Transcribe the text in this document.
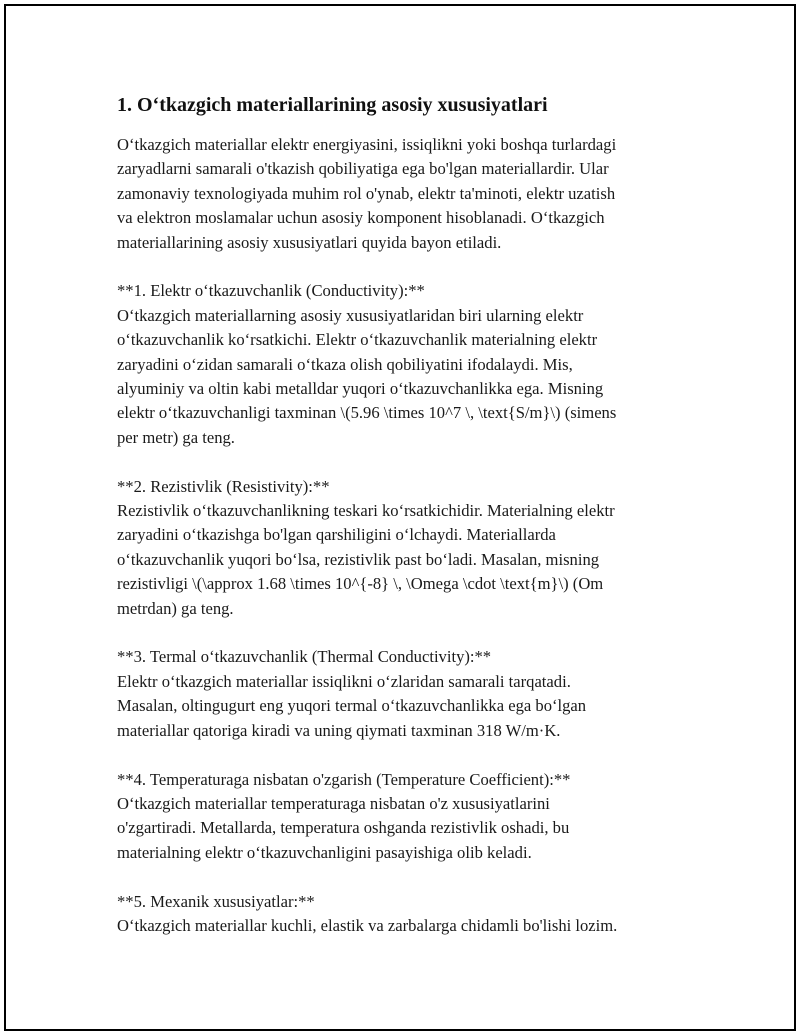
1. O‘tkazgich materiallarining asosiy xususiyatlari

O‘tkazgich materiallar elektr energiyasini, issiqlikni yoki boshqa turlardagi
zaryadlarni samarali o'tkazish qobiliyatiga ega bo'lgan materiallardir. Ular
zamonaviy texnologiyada muhim rol o'ynab, elektr ta'minoti, elektr uzatish
va elektron moslamalar uchun asosiy komponent hisoblanadi. O‘tkazgich
materiallarining asosiy xususiyatlari quyida bayon etiladi.

**1. Elektr o‘tkazuvchanlik (Conductivity):**

O‘tkazgich materiallarning asosiy xususiyatlaridan biri ularning elektr
o‘tkazuvchanlik ko‘rsatkichi. Elektr o‘tkazuvchanlik materialning elektr
zaryadini o‘zidan samarali o‘tkaza olish qobiliyatini ifodalaydi. Mis,
alyuminiy va oltin kabi metalldar yuqori o‘tkazuvchanlikka ega. Misning
elektr o‘tkazuvchanligi taxminan \(5.96 \times 10^7 \, \text{S/m}\) (simens
per metr) ga teng.

**2. Rezistivlik (Resistivity):**

Rezistivlik o‘tkazuvchanlikning teskari ko‘rsatkichidir. Materialning elektr
zaryadini o‘tkazishga bo'lgan qarshiligini o‘lchaydi. Materiallarda
o‘tkazuvchanlik yuqori bo‘lsa, rezistivlik past bo‘ladi. Masalan, misning
rezistivligi \(\approx 1.68 \times 10^{-8} \, \Omega \cdot \text{m}\) (Om
metrdan) ga teng.

**3. Termal o‘tkazuvchanlik (Thermal Conductivity):**

Elektr o‘tkazgich materiallar issiqlikni o‘zlaridan samarali tarqatadi.
Masalan, oltingugurt eng yuqori termal o‘tkazuvchanlikka ega bo‘lgan
materiallar qatoriga kiradi va uning qiymati taxminan 318 W/m·K.

**4. Temperaturaga nisbatan o'zgarish (Temperature Coefficient):**

O‘tkazgich materiallar temperaturaga nisbatan o'z xususiyatlarini
o'zgartiradi. Metallarda, temperatura oshganda rezistivlik oshadi, bu
materialning elektr o‘tkazuvchanligini pasayishiga olib keladi.

**5. Mexanik xususiyatlar:**

O‘tkazgich materiallar kuchli, elastik va zarbalarga chidamli bo'lishi lozim.
